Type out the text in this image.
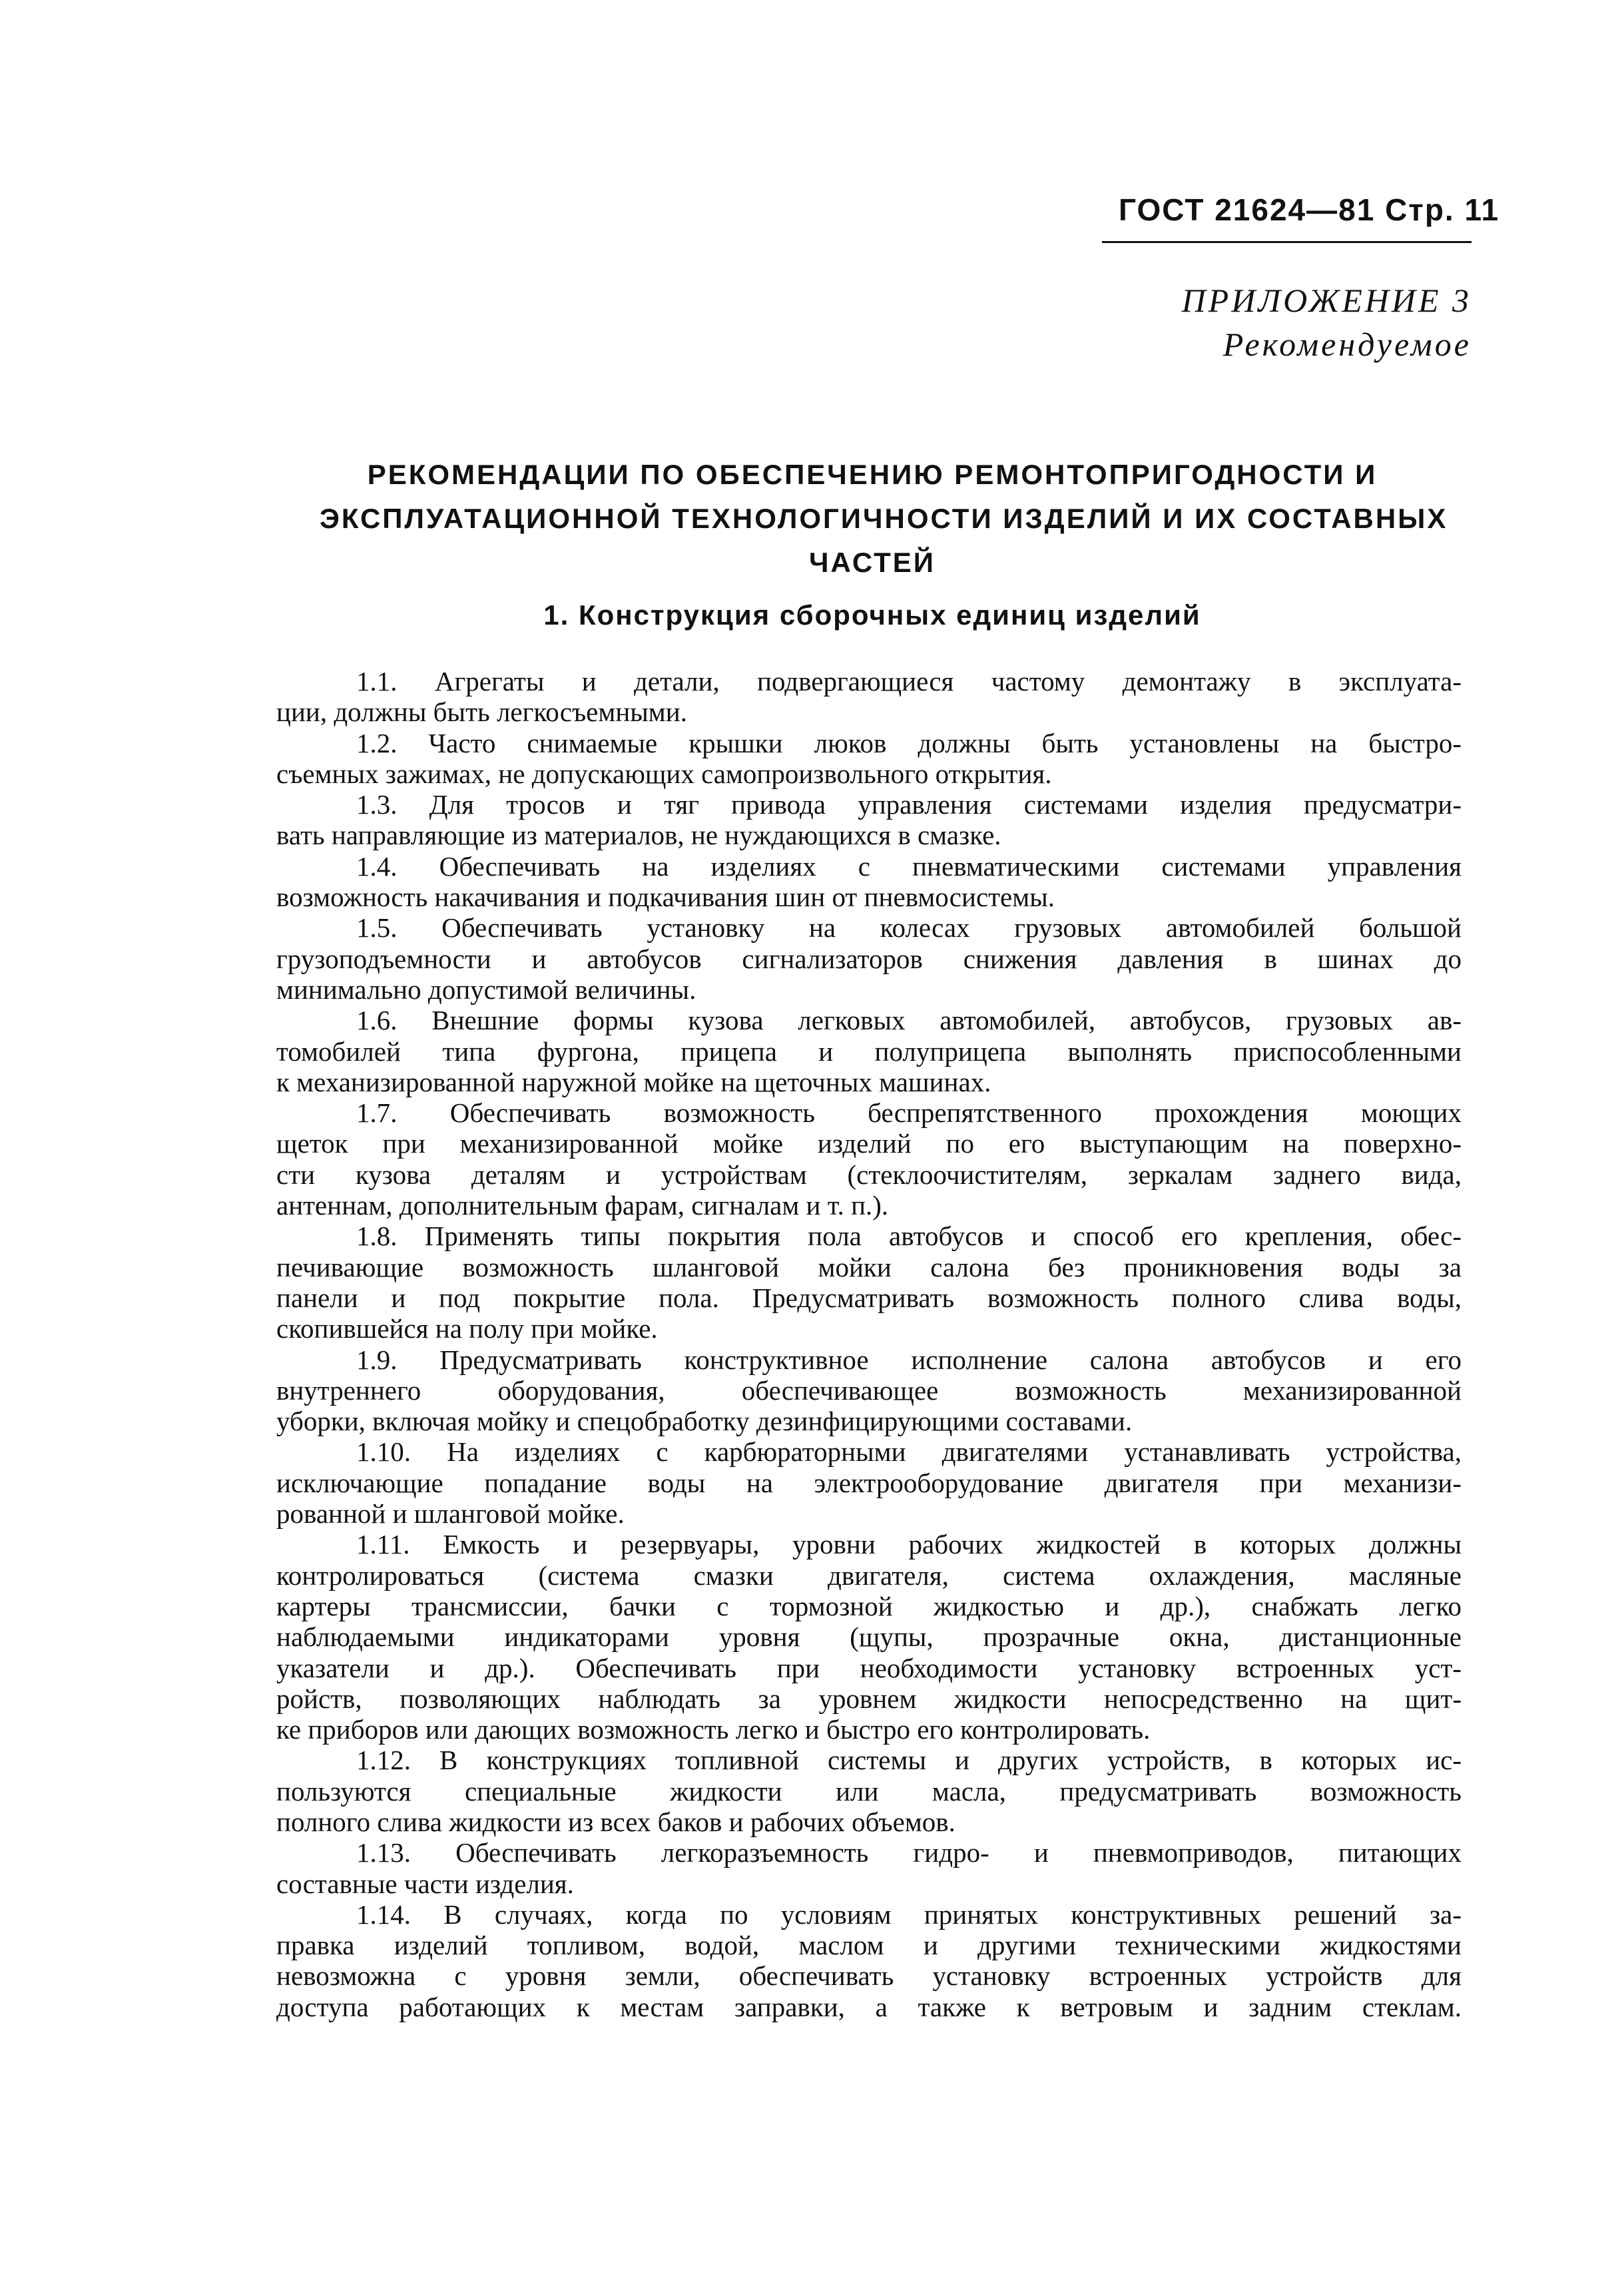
ГОСТ 21624—81 Стр. 11
ПРИЛОЖЕНИЕ 3
Рекомендуемое
РЕКОМЕНДАЦИИ ПО ОБЕСПЕЧЕНИЮ РЕМОНТОПРИГОДНОСТИ И
ЭКСПЛУАТАЦИОННОЙ ТЕХНОЛОГИЧНОСТИ ИЗДЕЛИЙ И ИХ СОСТАВНЫХ
ЧАСТЕЙ
1. Конструкция сборочных единиц изделий
1.1. Агрегаты и детали, подвергающиеся частому демонтажу в эксплуата-
ции, должны быть легкосъемными.
1.2. Часто снимаемые крышки люков должны быть установлены на быстро-
съемных зажимах, не допускающих самопроизвольного открытия.
1.3. Для тросов и тяг привода управления системами изделия предусматри-
вать направляющие из материалов, не нуждающихся в смазке.
1.4. Обеспечивать на изделиях с пневматическими системами управления
возможность накачивания и подкачивания шин от пневмосистемы.
1.5. Обеспечивать установку на колесах грузовых автомобилей большой
грузоподъемности и автобусов сигнализаторов снижения давления в шинах до
минимально допустимой величины.
1.6. Внешние формы кузова легковых автомобилей, автобусов, грузовых ав-
томобилей типа фургона, прицепа и полуприцепа выполнять приспособленными
к механизированной наружной мойке на щеточных машинах.
1.7. Обеспечивать возможность беспрепятственного прохождения моющих
щеток при механизированной мойке изделий по его выступающим на поверхно-
сти кузова деталям и устройствам (стеклоочистителям, зеркалам заднего вида,
антеннам, дополнительным фарам, сигналам и т. п.).
1.8. Применять типы покрытия пола автобусов и способ его крепления, обес-
печивающие возможность шланговой мойки салона без проникновения воды за
панели и под покрытие пола. Предусматривать возможность полного слива воды,
скопившейся на полу при мойке.
1.9. Предусматривать конструктивное исполнение салона автобусов и его
внутреннего оборудования, обеспечивающее возможность механизированной
уборки, включая мойку и спецобработку дезинфицирующими составами.
1.10. На изделиях с карбюраторными двигателями устанавливать устройства,
исключающие попадание воды на электрооборудование двигателя при механизи-
рованной и шланговой мойке.
1.11. Емкость и резервуары, уровни рабочих жидкостей в которых должны
контролироваться (система смазки двигателя, система охлаждения, масляные
картеры трансмиссии, бачки с тормозной жидкостью и др.), снабжать легко
наблюдаемыми индикаторами уровня (щупы, прозрачные окна, дистанционные
указатели и др.). Обеспечивать при необходимости установку встроенных уст-
ройств, позволяющих наблюдать за уровнем жидкости непосредственно на щит-
ке приборов или дающих возможность легко и быстро его контролировать.
1.12. В конструкциях топливной системы и других устройств, в которых ис-
пользуются специальные жидкости или масла, предусматривать возможность
полного слива жидкости из всех баков и рабочих объемов.
1.13. Обеспечивать легкоразъемность гидро- и пневмоприводов, питающих
составные части изделия.
1.14. В случаях, когда по условиям принятых конструктивных решений за-
правка изделий топливом, водой, маслом и другими техническими жидкостями
невозможна с уровня земли, обеспечивать установку встроенных устройств для
доступа работающих к местам заправки, а также к ветровым и задним стеклам.
